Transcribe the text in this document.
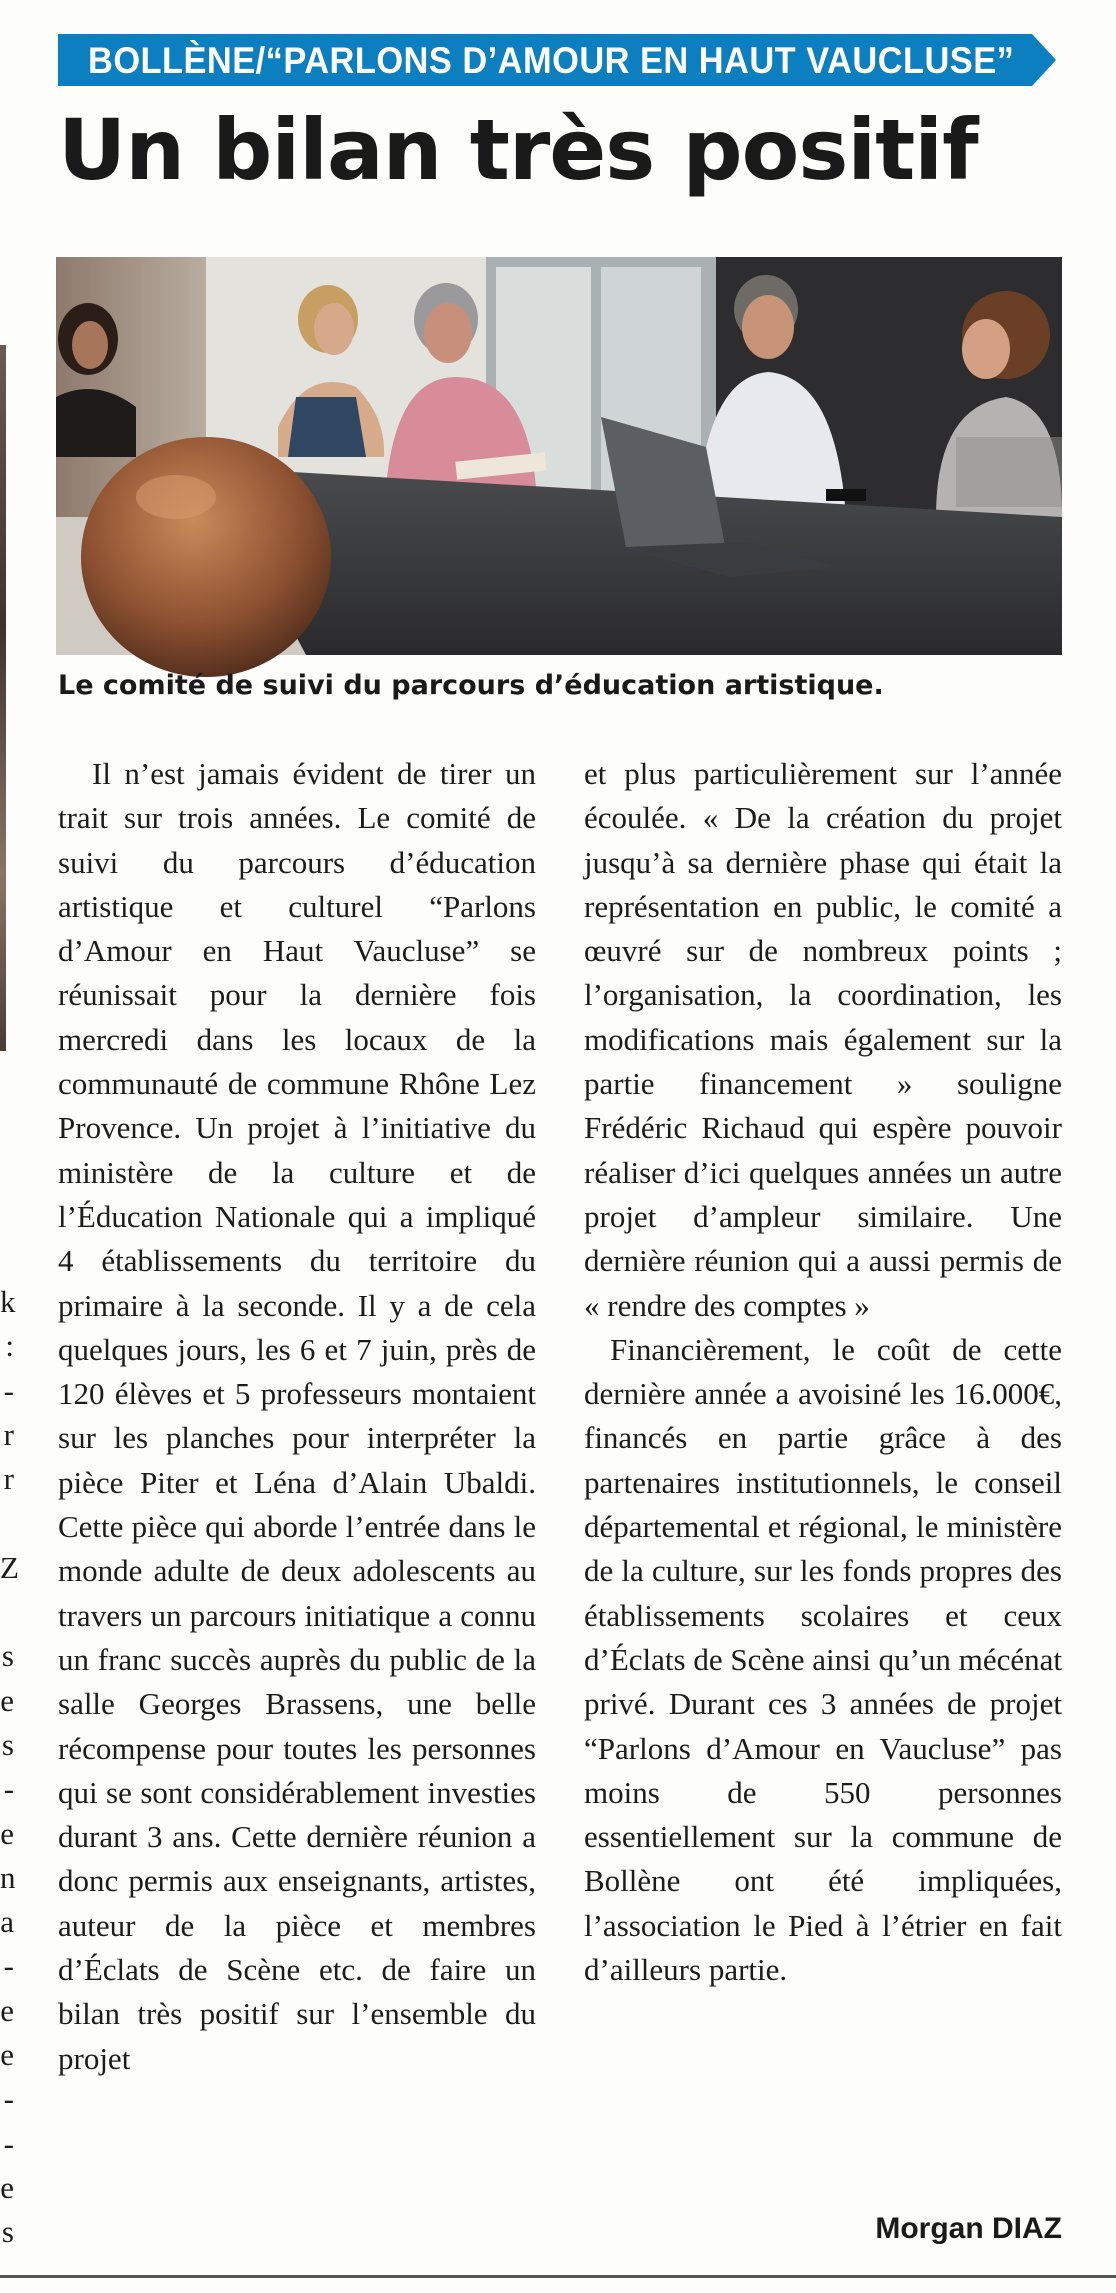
k
:
-
r
r
Z
s
e
s
-
e
n
a
-
e
e
-
-
e
s
BOLLÈNE/“PARLONS D’AMOUR EN HAUT VAUCLUSE”
Un bilan très positif

Le comité de suivi du parcours d’éducation artistique.

Il n’est jamais évident de tirer un trait sur trois années. Le comité de suivi du parcours d’éducation artistique et culturel “Parlons d’Amour en Haut Vaucluse” se réunissait pour la dernière fois mercredi dans les locaux de la communauté de commune Rhône Lez Provence. Un projet à l’initiative du ministère de la culture et de l’Éducation Nationale qui a impliqué 4 établissements du territoire du primaire à la seconde. Il y a de cela quelques jours, les 6 et 7 juin, près de 120 élèves et 5 professeurs montaient sur les planches pour interpréter la pièce Piter et Léna d’Alain Ubaldi. Cette pièce qui aborde l’entrée dans le monde adulte de deux adolescents au travers un parcours initiatique a connu un franc succès auprès du public de la salle Georges Brassens, une belle récompense pour toutes les personnes qui se sont considérablement investies durant 3 ans. Cette dernière réunion a donc permis aux enseignants, artistes, auteur de la pièce et membres d’Éclats de Scène etc. de faire un bilan très positif sur l’ensemble du projet

et plus particulièrement sur l’année écoulée. « De la création du projet jusqu’à sa dernière phase qui était la représentation en public, le comité a œuvré sur de nombreux points ; l’organisation, la coordination, les modifications mais également sur la partie financement » souligne Frédéric Richaud qui espère pouvoir réaliser d’ici quelques années un autre projet d’ampleur similaire. Une dernière réunion qui a aussi permis de « rendre des comptes »

Financièrement, le coût de cette dernière année a avoisiné les 16.000€, financés en partie grâce à des partenaires institutionnels, le conseil départemental et régional, le ministère de la culture, sur les fonds propres des établissements scolaires et ceux d’Éclats de Scène ainsi qu’un mécénat privé. Durant ces 3 années de projet “Parlons d’Amour en Vaucluse” pas moins de 550 personnes essentiellement sur la commune de Bollène ont été impliquées, l’association le Pied à l’étrier en fait d’ailleurs partie.

Morgan DIAZ
